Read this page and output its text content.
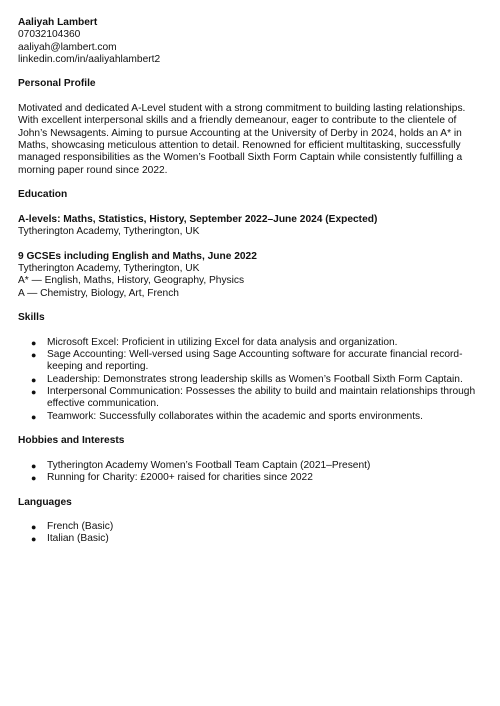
Aaliyah Lambert
07032104360
aaliyah@lambert.com
linkedin.com/in/aaliyahlambert2
Personal Profile
Motivated and dedicated A-Level student with a strong commitment to building lasting relationships. With excellent interpersonal skills and a friendly demeanour, eager to contribute to the clientele of John’s Newsagents. Aiming to pursue Accounting at the University of Derby in 2024, holds an A* in Maths, showcasing meticulous attention to detail. Renowned for efficient multitasking, successfully managed responsibilities as the Women’s Football Sixth Form Captain while consistently fulfilling a morning paper round since 2022.
Education
A-levels: Maths, Statistics, History, September 2022–June 2024 (Expected)
Tytherington Academy, Tytherington, UK
9 GCSEs including English and Maths, June 2022
Tytherington Academy, Tytherington, UK
A* — English, Maths, History, Geography, Physics
A — Chemistry, Biology, Art, French
Skills
● Microsoft Excel: Proficient in utilizing Excel for data analysis and organization.
● Sage Accounting: Well-versed using Sage Accounting software for accurate financial record-keeping and reporting.
● Leadership: Demonstrates strong leadership skills as Women’s Football Sixth Form Captain.
● Interpersonal Communication: Possesses the ability to build and maintain relationships through effective communication.
● Teamwork: Successfully collaborates within the academic and sports environments.
Hobbies and Interests
● Tytherington Academy Women’s Football Team Captain (2021–Present)
● Running for Charity: £2000+ raised for charities since 2022
Languages
● French (Basic)
● Italian (Basic)
